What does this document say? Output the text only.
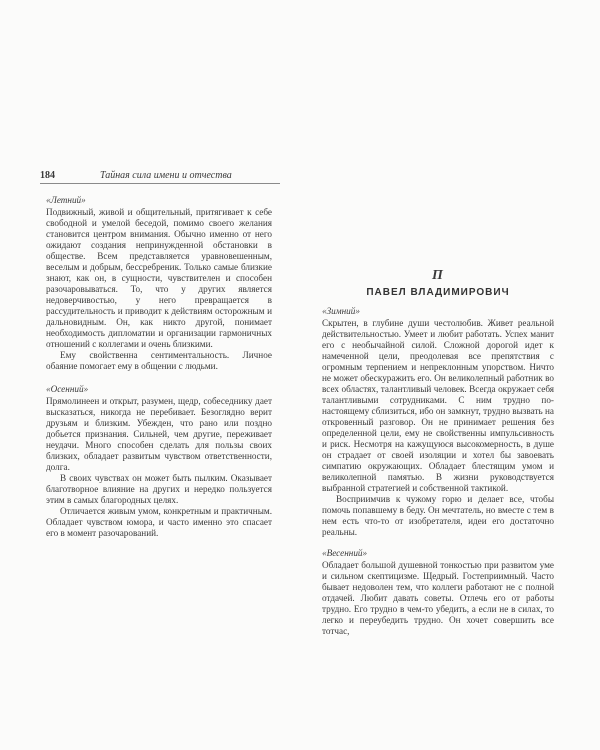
184	Тайная сила имени и отчества
«Летний»

Подвижный, живой и общительный, притягивает к себе свободной и умелой беседой, помимо своего желания становится центром внимания. Обычно именно от него ожидают создания непринужденной обстановки в обществе. Всем представляется уравновешенным, веселым и добрым, бессребреник. Только самые близкие знают, как он, в сущности, чувствителен и способен разочаровываться. То, что у других является недоверчивостью, у него превращается в рассудительность и приводит к действиям осторожным и дальновидным. Он, как никто другой, понимает необходимость дипломатии и организации гармоничных отношений с коллегами и очень близкими.

Ему свойственна сентиментальность. Личное обаяние помогает ему в общении с людьми.

«Осенний»

Прямолинеен и открыт, разумен, щедр, собеседнику дает высказаться, никогда не перебивает. Безоглядно верит друзьям и близким. Убежден, что рано или поздно добьется признания. Сильней, чем другие, переживает неудачи. Много способен сделать для пользы своих близких, обладает развитым чувством ответственности, долга.

В своих чувствах он может быть пылким. Оказывает благотворное влияние на других и нередко пользуется этим в самых благородных целях.

Отличается живым умом, конкретным и практичным. Обладает чувством юмора, и часто именно это спасает его в момент разочарований.

П
ПАВЕЛ ВЛАДИМИРОВИЧ
«Зимний»

Скрытен, в глубине души честолюбив. Живет реальной действительностью. Умеет и любит работать. Успех манит его с необычайной силой. Сложной дорогой идет к намеченной цели, преодолевая все препятствия с огромным терпением и непреклонным упорством. Ничто не может обескуражить его. Он великолепный работник во всех областях, талантливый человек. Всегда окружает себя талантливыми сотрудниками. С ним трудно по-настоящему сблизиться, ибо он замкнут, трудно вызвать на откровенный разговор. Он не принимает решения без определенной цели, ему не свойственны импульсивность и риск. Несмотря на кажущуюся высокомерность, в душе он страдает от своей изоляции и хотел бы завоевать симпатию окружающих. Обладает блестящим умом и великолепной памятью. В жизни руководствуется выбранной стратегией и собственной тактикой.

Восприимчив к чужому горю и делает все, чтобы помочь попавшему в беду. Он мечтатель, но вместе с тем в нем есть что-то от изобретателя, идеи его достаточно реальны.

«Весенний»

Обладает большой душевной тонкостью при развитом уме и сильном скептицизме. Щедрый. Гостеприимный. Часто бывает недоволен тем, что коллеги работают не с полной отдачей. Любит давать советы. Отлечь его от работы трудно. Его трудно в чем-то убедить, а если не в силах, то легко и переубедить трудно. Он хочет совершить все тотчас,
